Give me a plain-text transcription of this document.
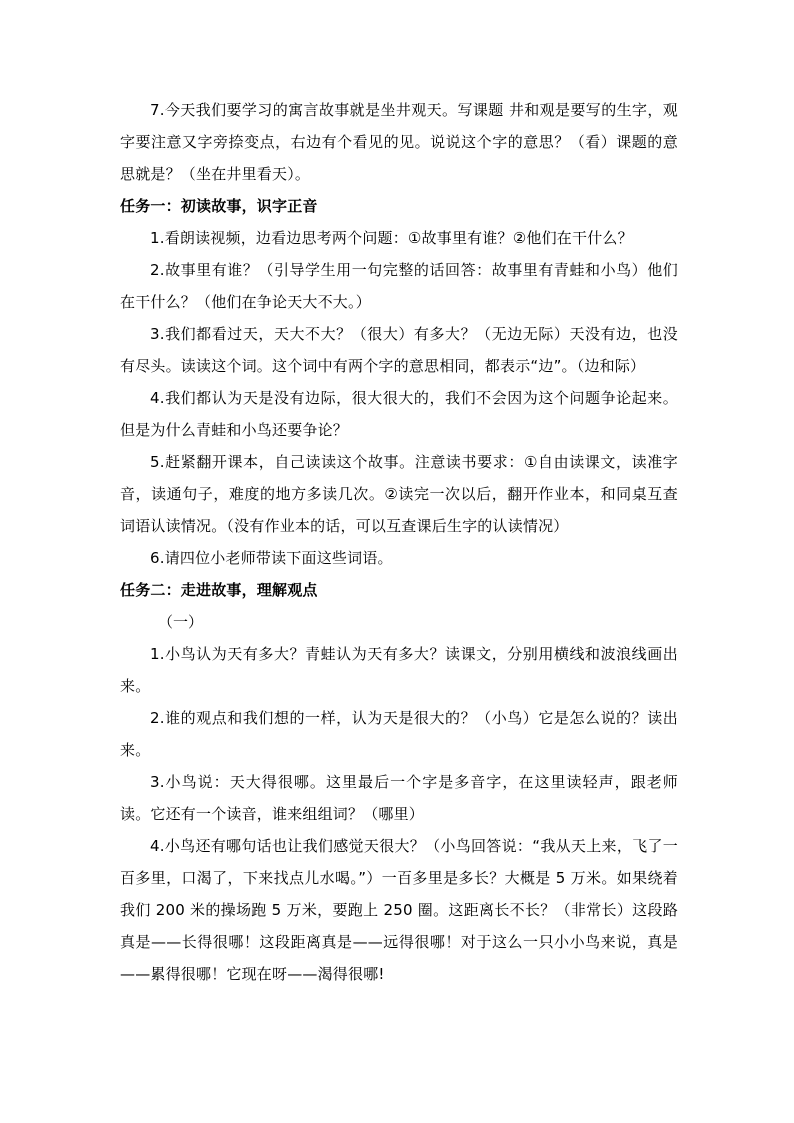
7.今天我们要学习的寓言故事就是坐井观天。写课题 井和观是要写的生字，观字要注意又字旁捺变点，右边有个看见的见。说说这个字的意思？（看）课题的意思就是？（坐在井里看天）。

任务一：初读故事，识字正音

1.看朗读视频，边看边思考两个问题：①故事里有谁？②他们在干什么？

2.故事里有谁？（引导学生用一句完整的话回答：故事里有青蛙和小鸟）他们在干什么？（他们在争论天大不大。）

3.我们都看过天，天大不大？（很大）有多大？（无边无际）天没有边，也没有尽头。读读这个词。这个词中有两个字的意思相同，都表示“边”。（边和际）

4.我们都认为天是没有边际，很大很大的，我们不会因为这个问题争论起来。但是为什么青蛙和小鸟还要争论？

5.赶紧翻开课本，自己读读这个故事。注意读书要求：①自由读课文，读准字音，读通句子，难度的地方多读几次。②读完一次以后，翻开作业本，和同桌互查词语认读情况。（没有作业本的话，可以互查课后生字的认读情况）

6.请四位小老师带读下面这些词语。

任务二：走进故事，理解观点

（一）

1.小鸟认为天有多大？青蛙认为天有多大？读课文，分别用横线和波浪线画出来。

2.谁的观点和我们想的一样，认为天是很大的？（小鸟）它是怎么说的？读出来。

3.小鸟说：天大得很哪。这里最后一个字是多音字，在这里读轻声，跟老师读。它还有一个读音，谁来组组词？（哪里）

4.小鸟还有哪句话也让我们感觉天很大？（小鸟回答说：“我从天上来，飞了一百多里，口渴了，下来找点儿水喝。”）一百多里是多长？大概是 5 万米。如果绕着我们 200 米的操场跑 5 万米，要跑上 250 圈。这距离长不长？（非常长）这段路真是——长得很哪！这段距离真是——远得很哪！对于这么一只小小鸟来说，真是——累得很哪！它现在呀——渴得很哪!
